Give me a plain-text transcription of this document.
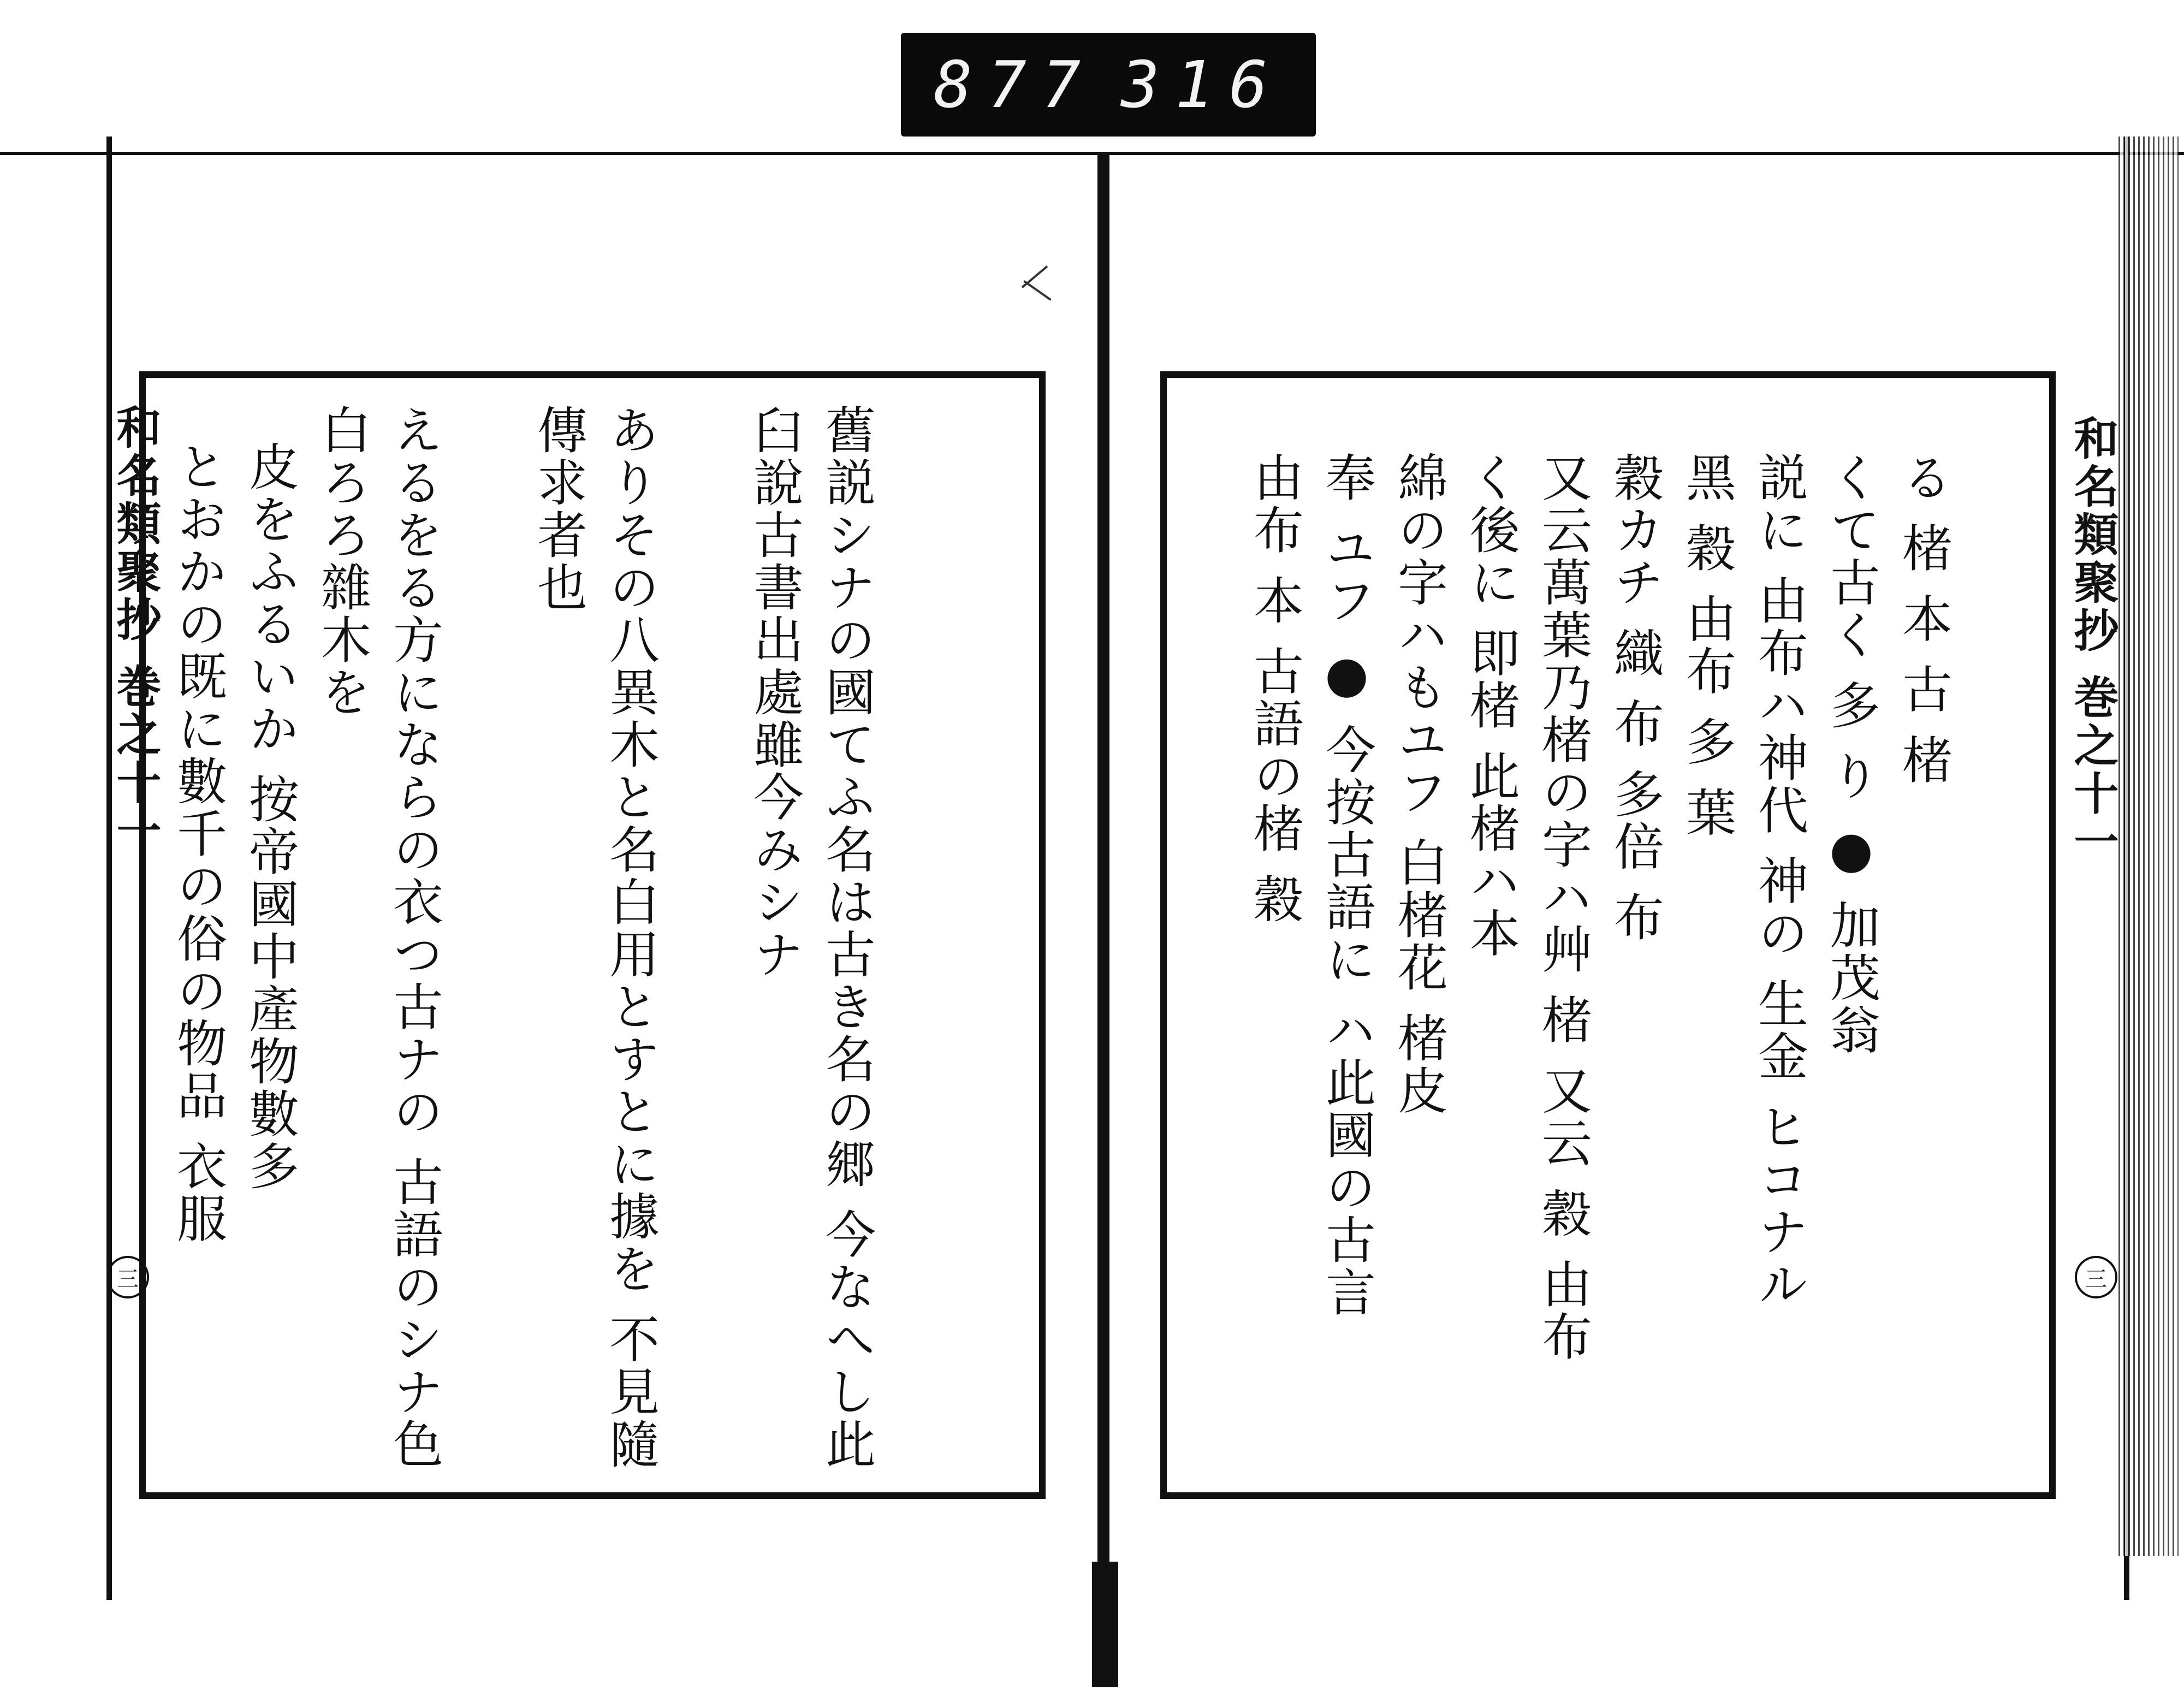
877 316
和名類聚抄 巻之十一	和名類聚抄 巻之十一
三	三

舊説シナの國てふ名は古き名の郷 今なへし此臼說古書出處雖今みシナ
ありその八異木と名白用とすとに據を 不見隨傳求者也
えるをる方にならの衣つ古ナの 古語のシナ色白ろろ雜木を
皮をふるいか 按帝國中產物數多
とおかの既に數千の俗の物品 衣服

	る 楮 本 古 楮
くて古く 多 り ● 加茂翁
説に 由布ハ神代 神の 生金 ヒコナル
黑 穀 由布 多 葉
穀カチ 織 布 多倍 布
又云萬葉乃楮の字ハ艸 楮 又云 穀 由布
く後に 即楮 此楮ハ本
綿の字ハもユフ 白楮花 楮皮
奉 ユフ ● 今按古語に ハ此國の古言
由布 本 古語の楮 穀
